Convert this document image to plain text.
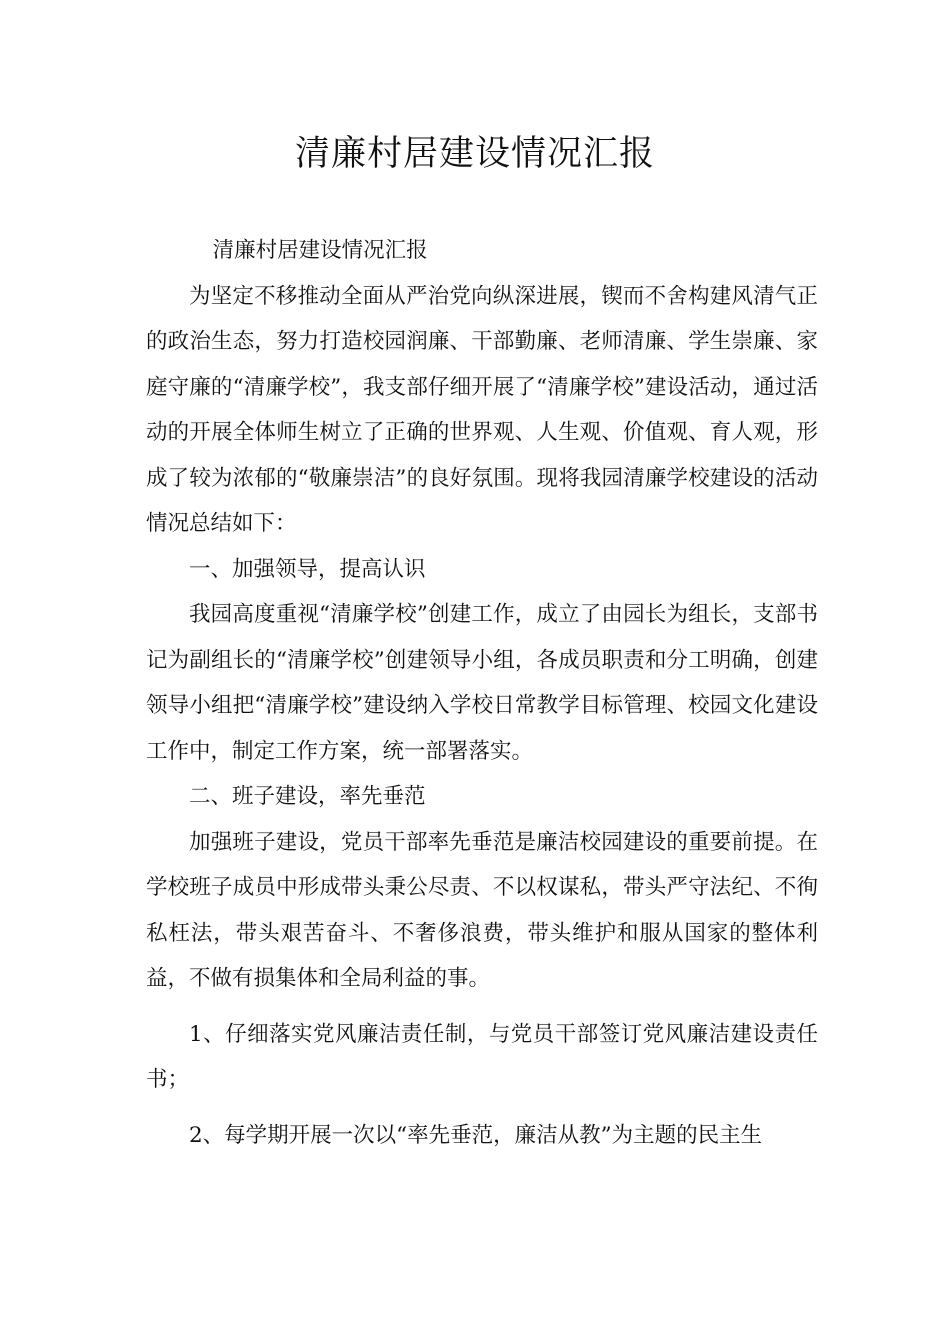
清廉村居建设情况汇报

清廉村居建设情况汇报

为坚定不移推动全面从严治党向纵深进展，锲而不舍构建风清气正的政治生态，努力打造校园润廉、干部勤廉、老师清廉、学生崇廉、家庭守廉的“清廉学校”，我支部仔细开展了“清廉学校”建设活动，通过活动的开展全体师生树立了正确的世界观、人生观、价值观、育人观，形成了较为浓郁的“敬廉崇洁”的良好氛围。现将我园清廉学校建设的活动情况总结如下：

一、加强领导，提高认识

我园高度重视“清廉学校”创建工作，成立了由园长为组长，支部书记为副组长的“清廉学校”创建领导小组，各成员职责和分工明确，创建领导小组把“清廉学校”建设纳入学校日常教学目标管理、校园文化建设工作中，制定工作方案，统一部署落实。

二、班子建设，率先垂范

加强班子建设，党员干部率先垂范是廉洁校园建设的重要前提。在学校班子成员中形成带头秉公尽责、不以权谋私，带头严守法纪、不徇私枉法，带头艰苦奋斗、不奢侈浪费，带头维护和服从国家的整体利益，不做有损集体和全局利益的事。

1、仔细落实党风廉洁责任制，与党员干部签订党风廉洁建设责任书；

2、每学期开展一次以“率先垂范，廉洁从教”为主题的民主生
